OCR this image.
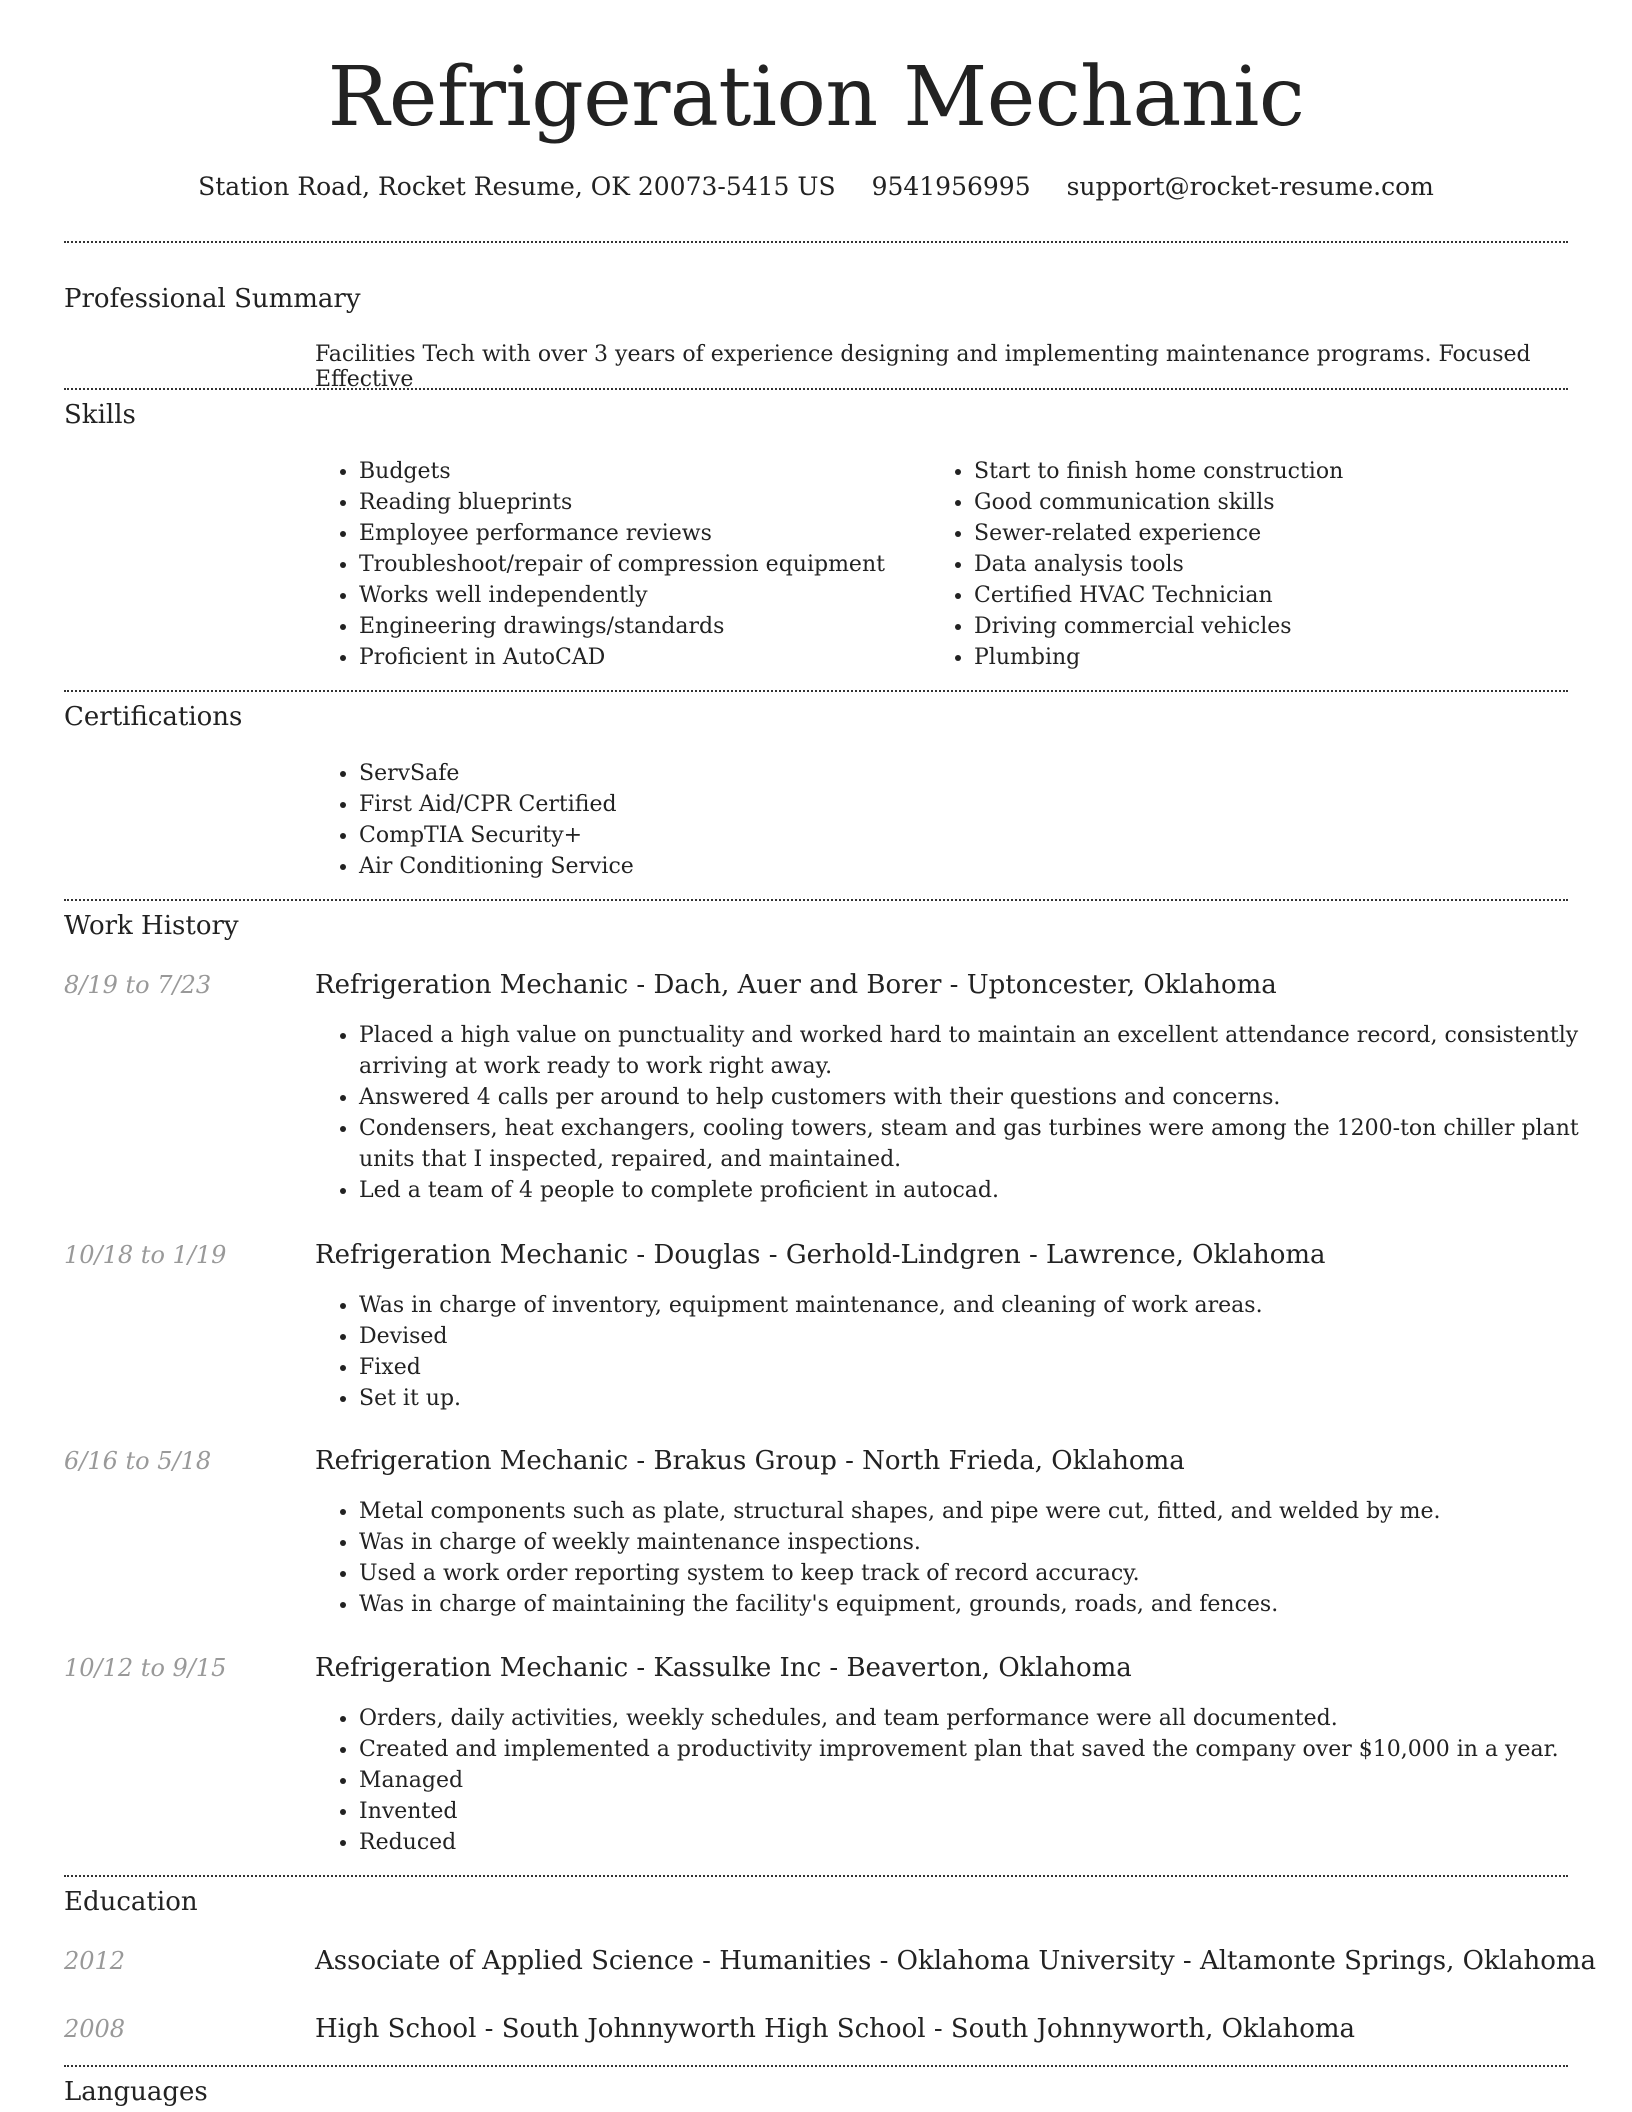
Refrigeration Mechanic
Station Road, Rocket Resume, OK 20073-5415 US 9541956995 support@rocket-resume.com
Professional Summary
Facilities Tech with over 3 years of experience designing and implementing maintenance programs. Focused Effective
Skills
• Budgets
• Reading blueprints
• Employee performance reviews
• Troubleshoot/repair of compression equipment
• Works well independently
• Engineering drawings/standards
• Proficient in AutoCAD
• Start to finish home construction
• Good communication skills
• Sewer-related experience
• Data analysis tools
• Certified HVAC Technician
• Driving commercial vehicles
• Plumbing
Certifications
• ServSafe
• First Aid/CPR Certified
• CompTIA Security+
• Air Conditioning Service
Work History
8/19 to 7/23	Refrigeration Mechanic - Dach, Auer and Borer - Uptoncester, Oklahoma
• Placed a high value on punctuality and worked hard to maintain an excellent attendance record, consistently arriving at work ready to work right away.
• Answered 4 calls per around to help customers with their questions and concerns.
• Condensers, heat exchangers, cooling towers, steam and gas turbines were among the 1200-ton chiller plant units that I inspected, repaired, and maintained.
• Led a team of 4 people to complete proficient in autocad.
10/18 to 1/19	Refrigeration Mechanic - Douglas - Gerhold-Lindgren - Lawrence, Oklahoma
• Was in charge of inventory, equipment maintenance, and cleaning of work areas.
• Devised
• Fixed
• Set it up.
6/16 to 5/18	Refrigeration Mechanic - Brakus Group - North Frieda, Oklahoma
• Metal components such as plate, structural shapes, and pipe were cut, fitted, and welded by me.
• Was in charge of weekly maintenance inspections.
• Used a work order reporting system to keep track of record accuracy.
• Was in charge of maintaining the facility's equipment, grounds, roads, and fences.
10/12 to 9/15	Refrigeration Mechanic - Kassulke Inc - Beaverton, Oklahoma
• Orders, daily activities, weekly schedules, and team performance were all documented.
• Created and implemented a productivity improvement plan that saved the company over $10,000 in a year.
• Managed
• Invented
• Reduced
Education
2012	Associate of Applied Science - Humanities - Oklahoma University - Altamonte Springs, Oklahoma
2008	High School - South Johnnyworth High School - South Johnnyworth, Oklahoma
Languages
